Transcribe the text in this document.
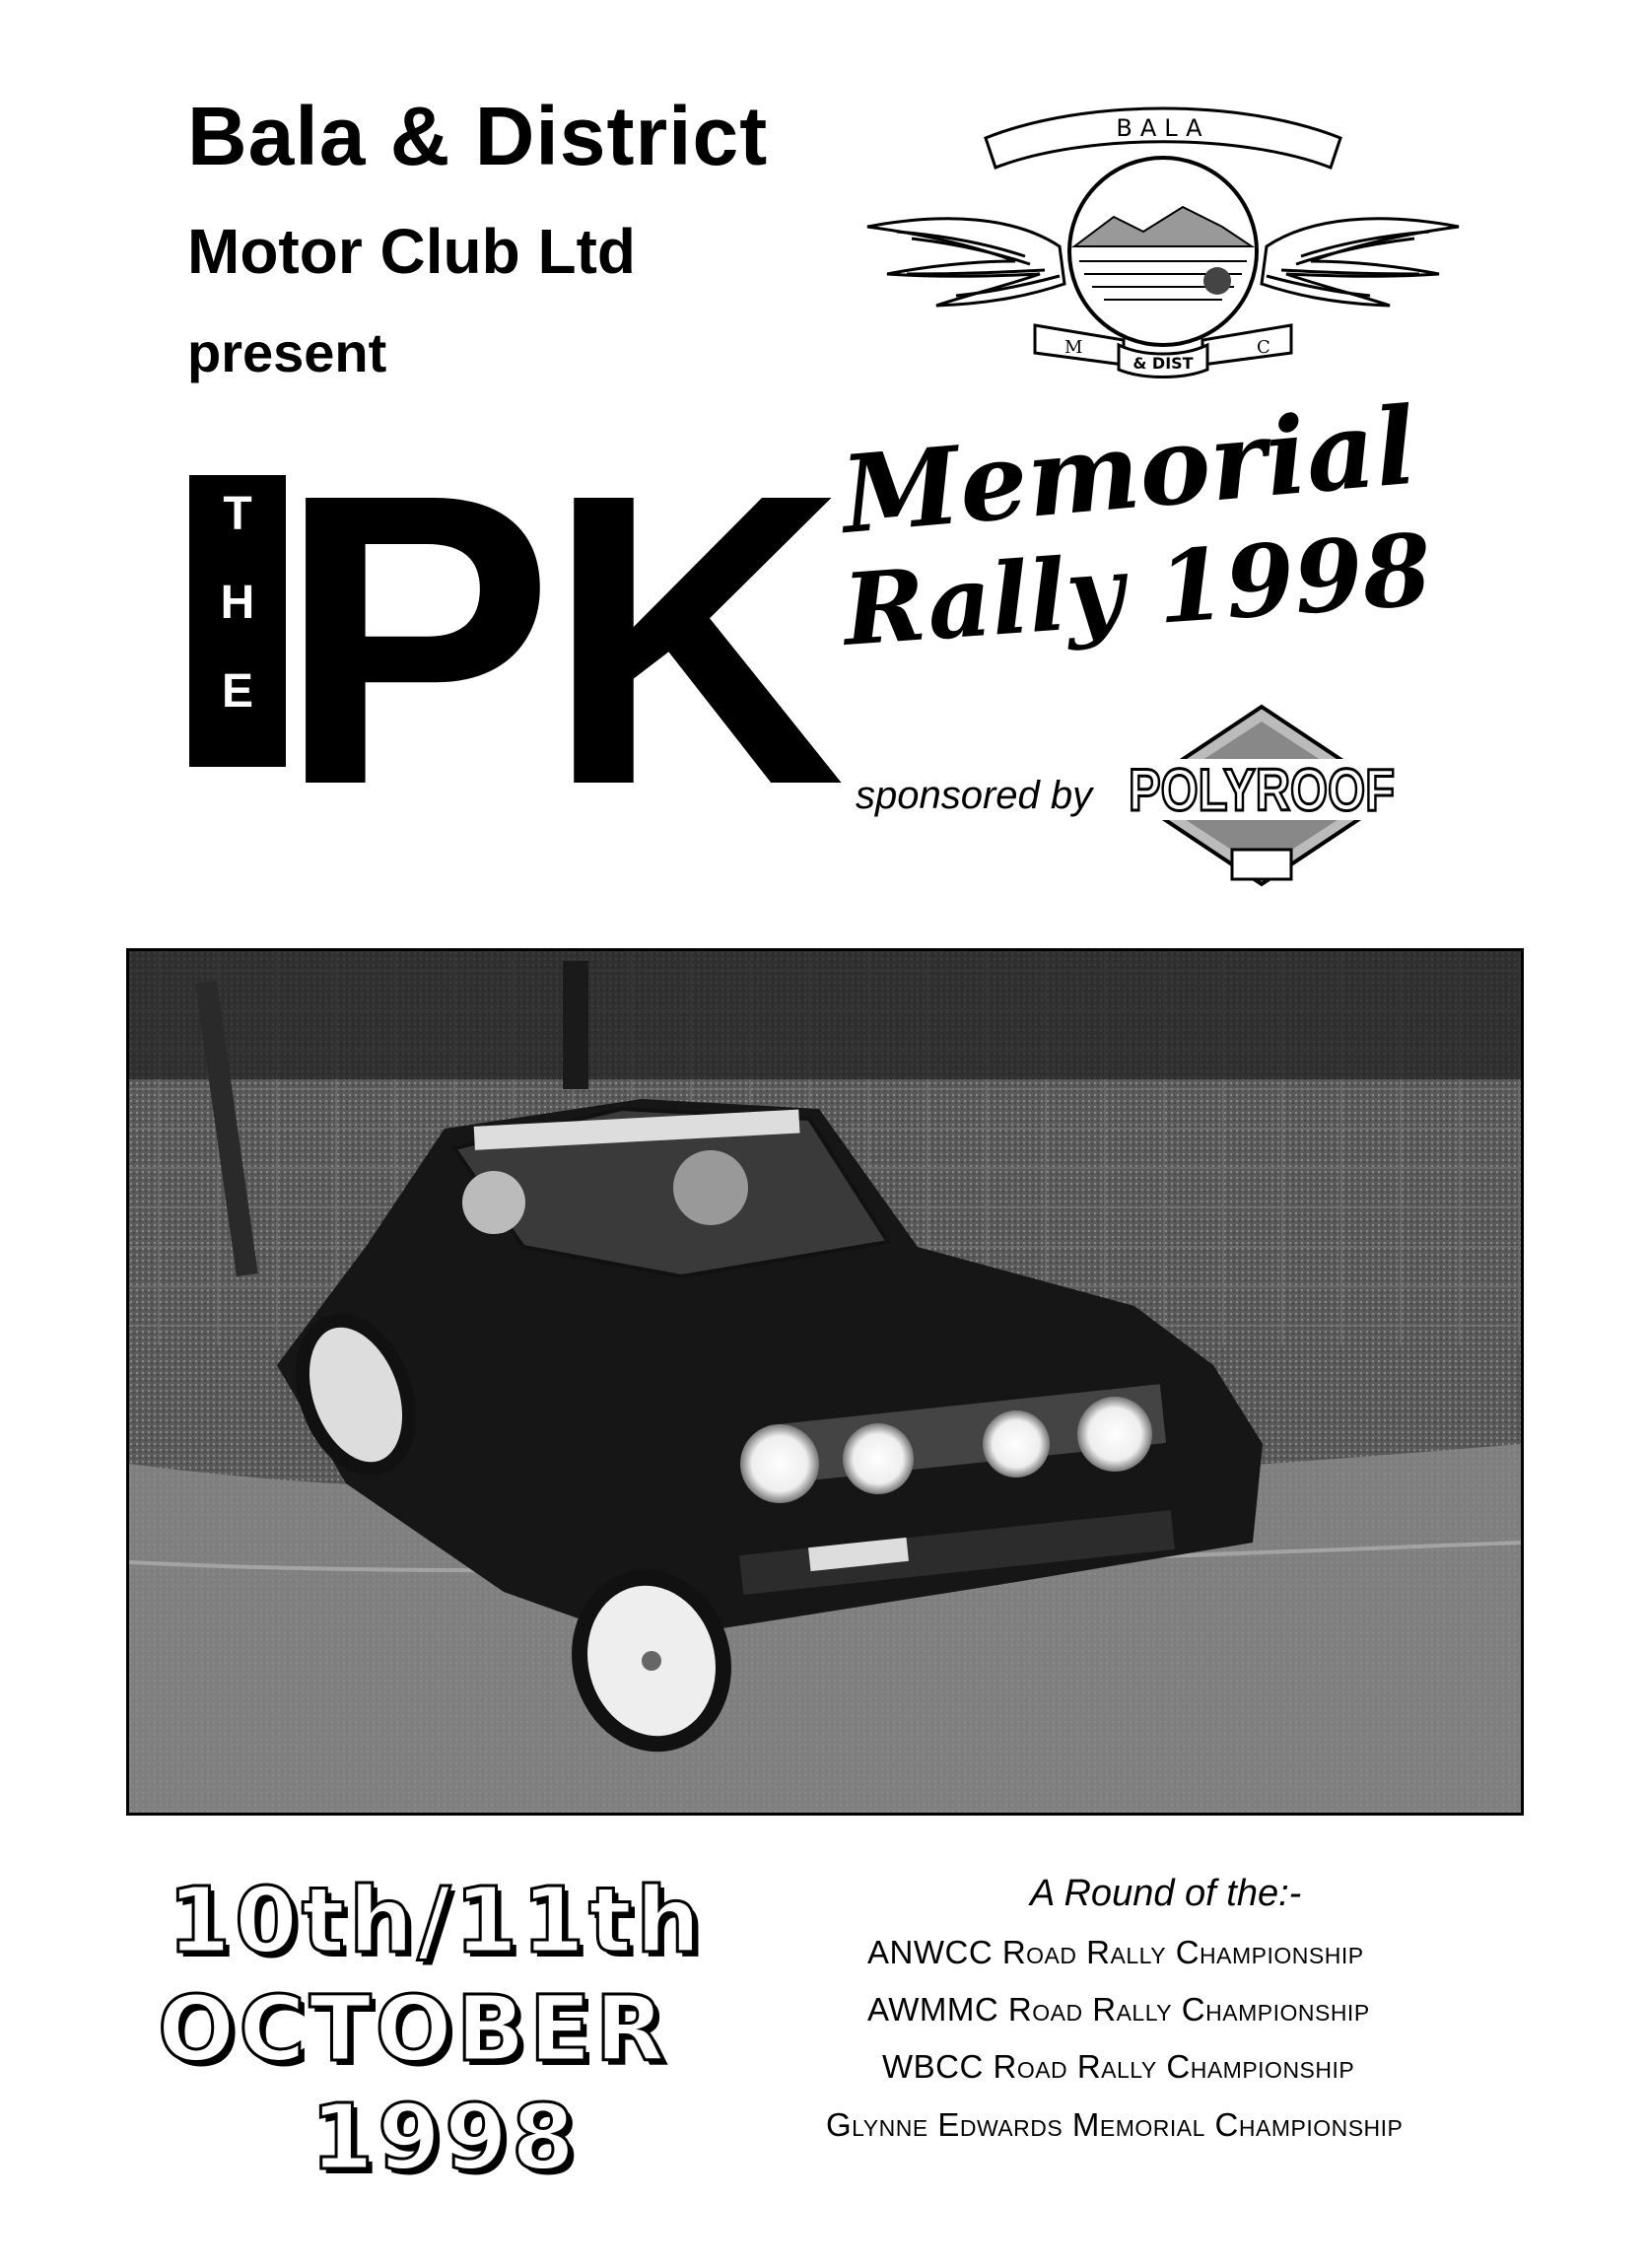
Bala & District
Motor Club Ltd
present
BALA
M	C
& DIST
T
H
E PK Memorial
Rally 1998
sponsored by POLYROOF
10th/11th
OCTOBER
1998
A Round of the:-
ANWCC Road Rally Championship
AWMMC Road Rally Championship
WBCC Road Rally Championship
Glynne Edwards Memorial Championship
